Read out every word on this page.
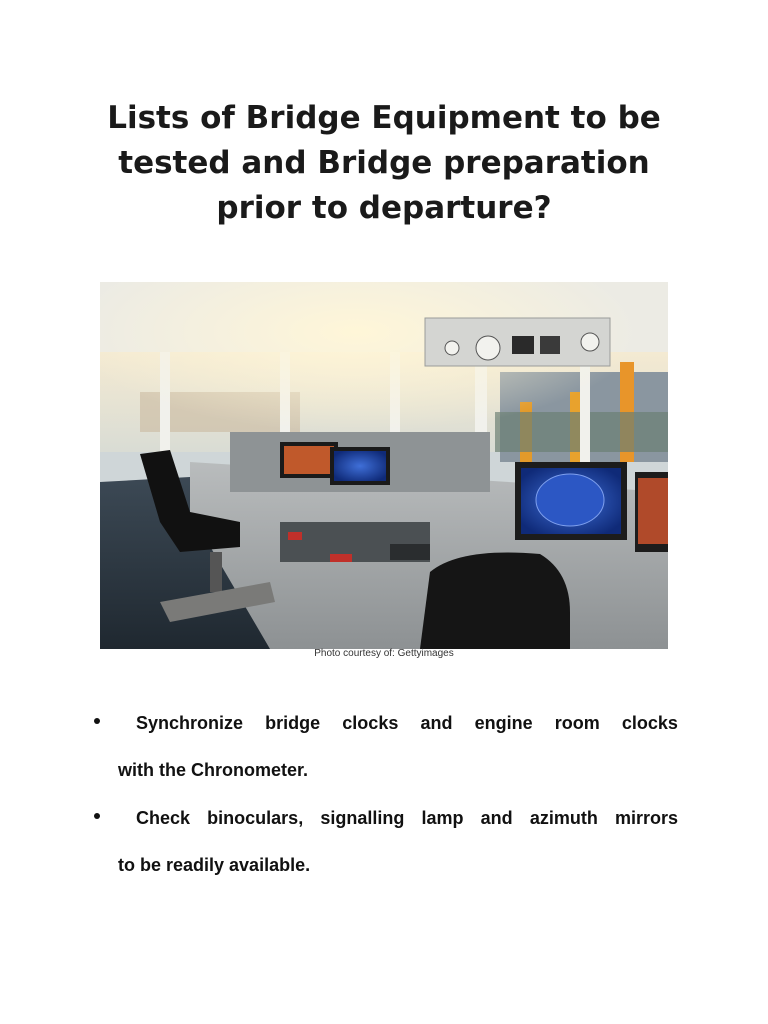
Lists of Bridge Equipment to be
tested and Bridge preparation
prior to departure?
Photo courtesy of: Gettyimages
Synchronize bridge clocks and engine room clocks
with the Chronometer.
Check binoculars, signalling lamp and azimuth mirrors
to be readily available.
